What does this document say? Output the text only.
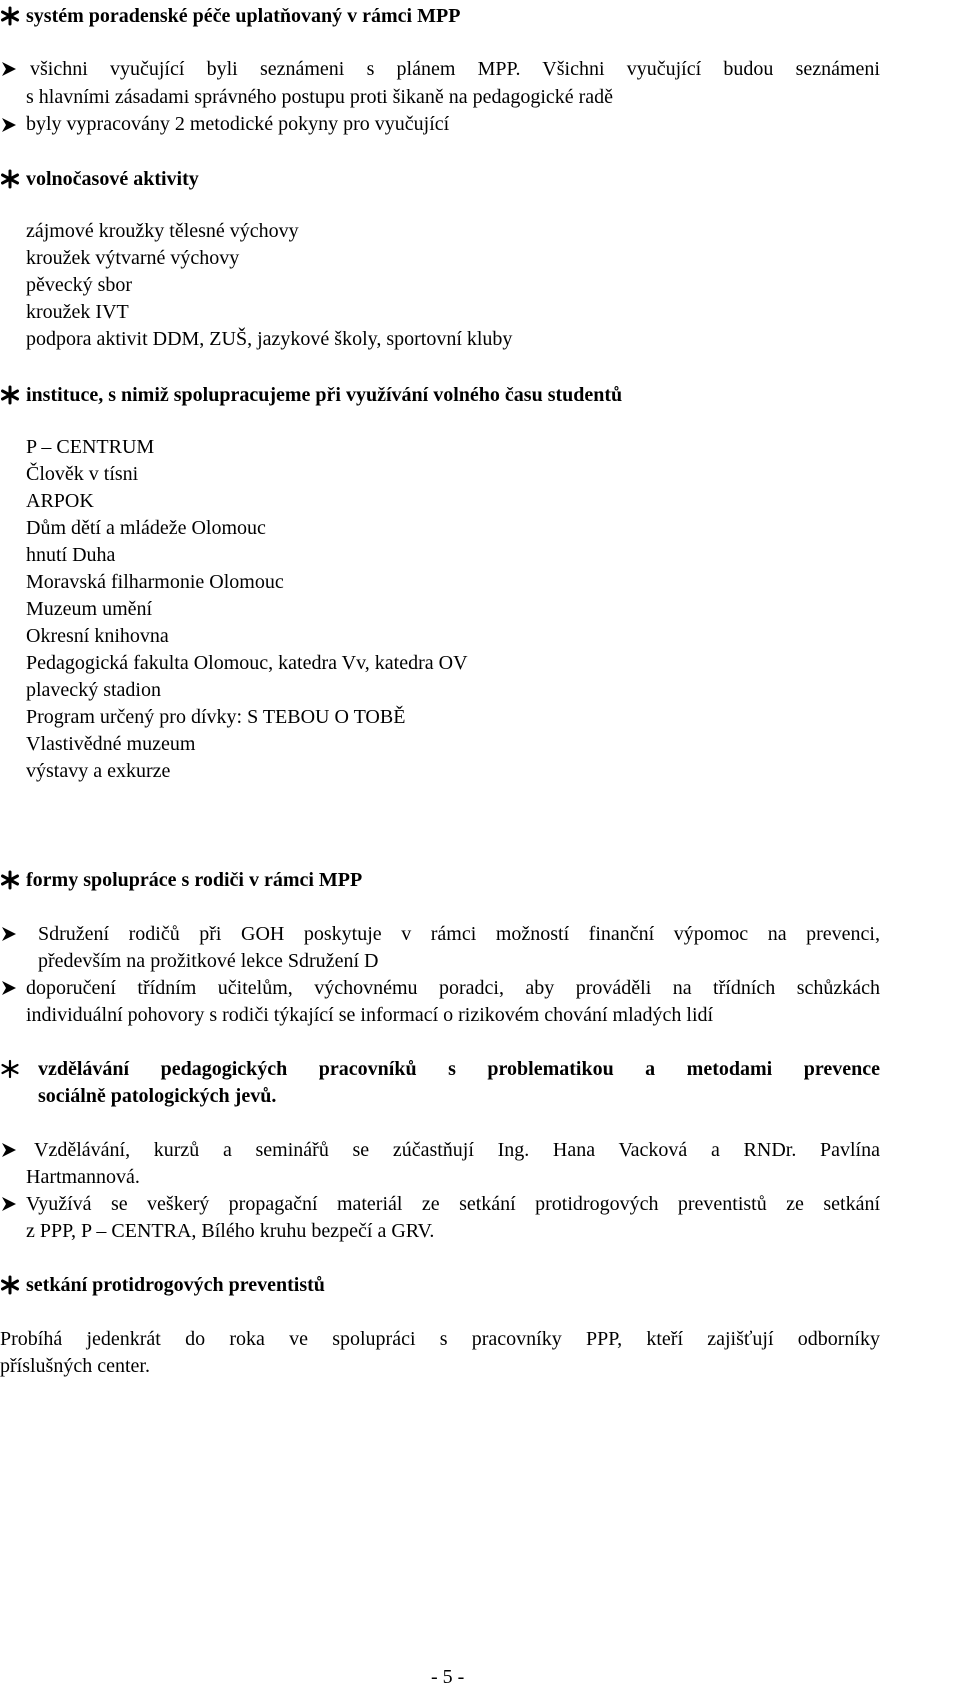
systém poradenské péče uplatňovaný v rámci MPP
všichni vyučující byli seznámeni s plánem MPP. Všichni vyučující budou seznámeni
s hlavními zásadami správného postupu proti šikaně na pedagogické radě
byly vypracovány 2 metodické pokyny pro vyučující
volnočasové aktivity
zájmové kroužky tělesné výchovy
kroužek výtvarné výchovy
pěvecký sbor
kroužek IVT
podpora aktivit DDM, ZUŠ, jazykové školy, sportovní kluby
instituce, s nimiž spolupracujeme při využívání volného času studentů
P – CENTRUM
Člověk v tísni
ARPOK
Dům dětí a mládeže Olomouc
hnutí Duha
Moravská filharmonie Olomouc
Muzeum umění
Okresní knihovna
Pedagogická fakulta Olomouc, katedra Vv, katedra OV
plavecký stadion
Program určený pro dívky: S TEBOU O TOBĚ
Vlastivědné muzeum
výstavy a exkurze
formy spolupráce s rodiči v rámci MPP
Sdružení rodičů při GOH poskytuje v rámci možností finanční výpomoc na prevenci,
především na prožitkové lekce Sdružení D
doporučení třídním učitelům, výchovnému poradci, aby prováděli na třídních schůzkách
individuální pohovory s rodiči týkající se informací o rizikovém chování mladých lidí
vzdělávání pedagogických pracovníků s problematikou a metodami prevence
sociálně patologických jevů.
Vzdělávání, kurzů a seminářů se zúčastňují Ing. Hana Vacková a RNDr. Pavlína
Hartmannová.
Využívá se veškerý propagační materiál ze setkání protidrogových preventistů ze setkání
z PPP, P – CENTRA, Bílého kruhu bezpečí a GRV.
setkání protidrogových preventistů
Probíhá jedenkrát do roka ve spolupráci s pracovníky PPP, kteří zajišťují odborníky
příslušných center.
- 5 -
